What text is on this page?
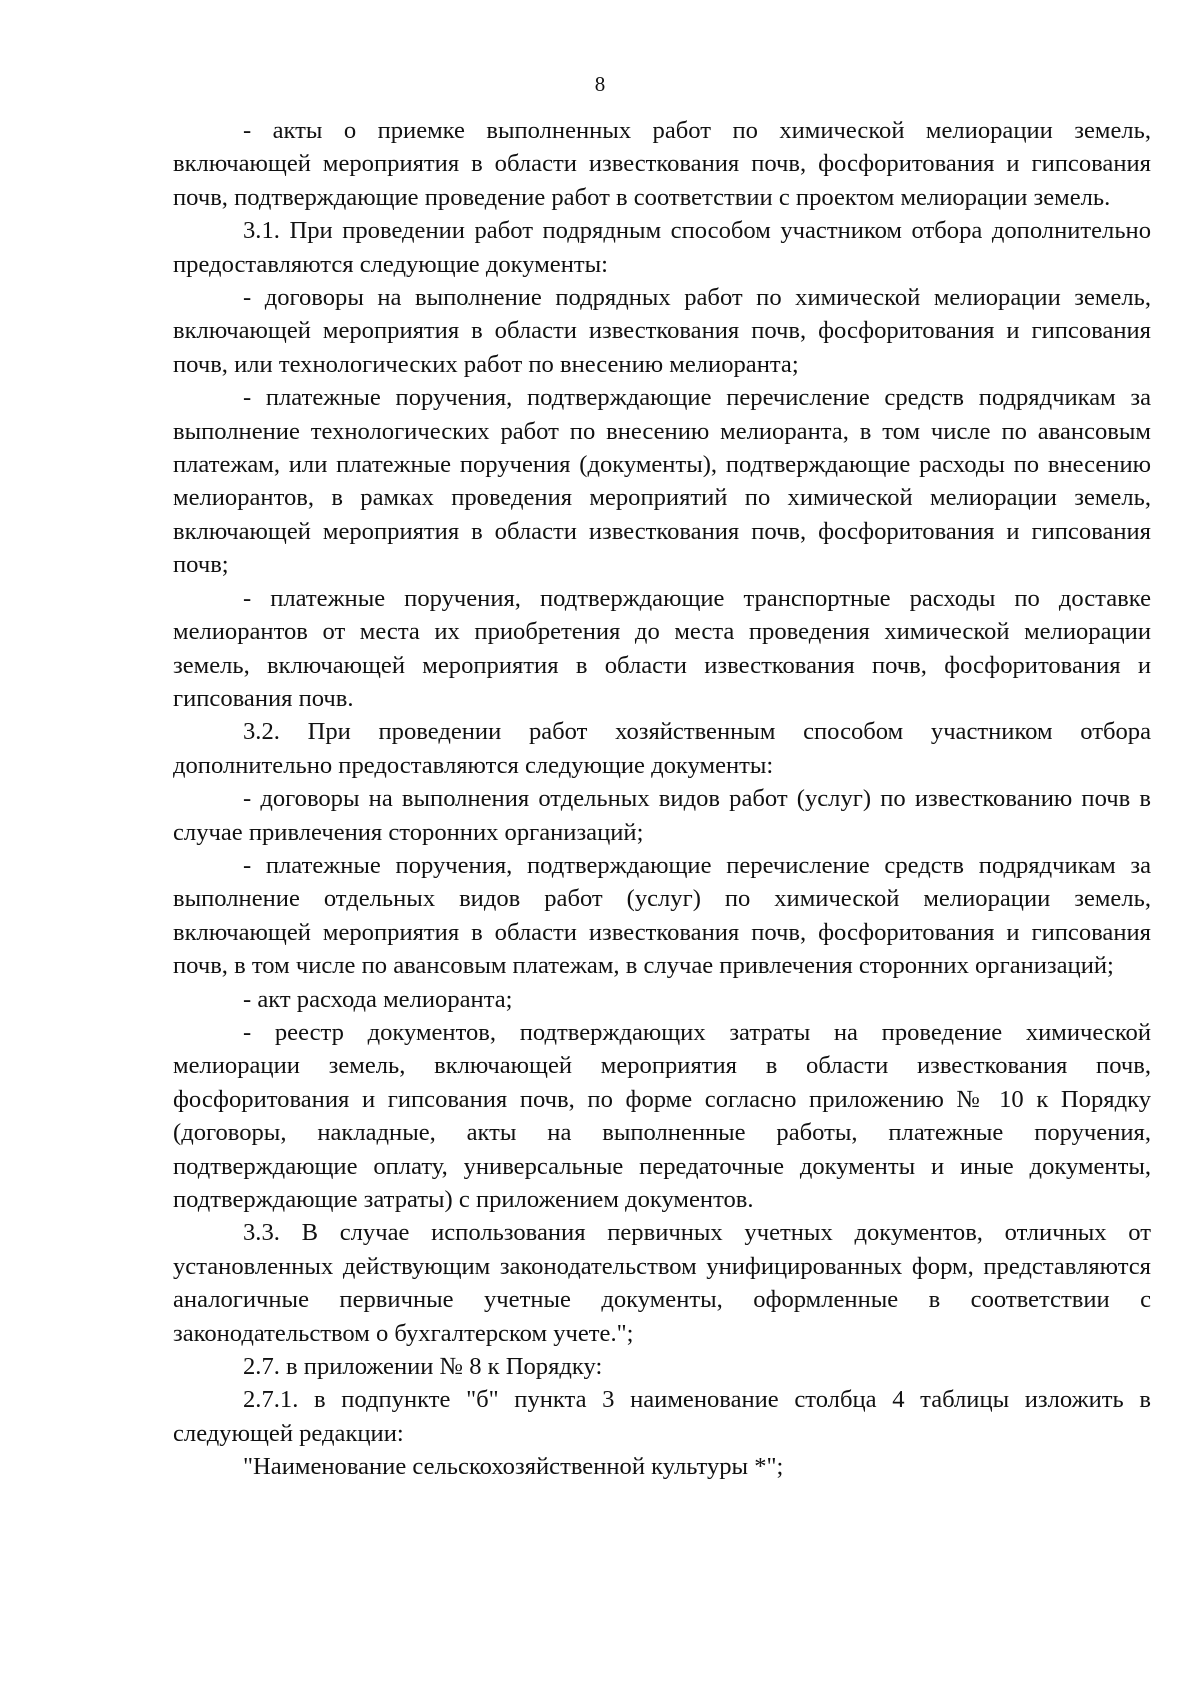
8

- акты о приемке выполненных работ по химической мелиорации земель, включающей мероприятия в области известкования почв, фосфоритования и гипсования почв, подтверждающие проведение работ в соответствии с проектом мелиорации земель.

3.1. При проведении работ подрядным способом участником отбора дополнительно предоставляются следующие документы:

- договоры на выполнение подрядных работ по химической мелиорации земель, включающей мероприятия в области известкования почв, фосфоритования и гипсования почв, или технологических работ по внесению мелиоранта;

- платежные поручения, подтверждающие перечисление средств подрядчикам за выполнение технологических работ по внесению мелиоранта, в том числе по авансовым платежам, или платежные поручения (документы), подтверждающие расходы по внесению мелиорантов, в рамках проведения мероприятий по химической мелиорации земель, включающей мероприятия в области известкования почв, фосфоритования и гипсования почв;

- платежные поручения, подтверждающие транспортные расходы по доставке мелиорантов от места их приобретения до места проведения химической мелиорации земель, включающей мероприятия в области известкования почв, фосфоритования и гипсования почв.

3.2. При проведении работ хозяйственным способом участником отбора дополнительно предоставляются следующие документы:

- договоры на выполнения отдельных видов работ (услуг) по известкованию почв в случае привлечения сторонних организаций;

- платежные поручения, подтверждающие перечисление средств подрядчикам за выполнение отдельных видов работ (услуг) по химической мелиорации земель, включающей мероприятия в области известкования почв, фосфоритования и гипсования почв, в том числе по авансовым платежам, в случае привлечения сторонних организаций;

- акт расхода мелиоранта;

- реестр документов, подтверждающих затраты на проведение химической мелиорации земель, включающей мероприятия в области известкования почв, фосфоритования и гипсования почв, по форме согласно приложению № 10 к Порядку (договоры, накладные, акты на выполненные работы, платежные поручения, подтверждающие оплату, универсальные передаточные документы и иные документы, подтверждающие затраты) с приложением документов.

3.3. В случае использования первичных учетных документов, отличных от установленных действующим законодательством унифицированных форм, представляются аналогичные первичные учетные документы, оформленные в соответствии с законодательством о бухгалтерском учете.";

2.7. в приложении № 8 к Порядку:

2.7.1. в подпункте "б" пункта 3 наименование столбца 4 таблицы изложить в следующей редакции:

"Наименование сельскохозяйственной культуры *";
